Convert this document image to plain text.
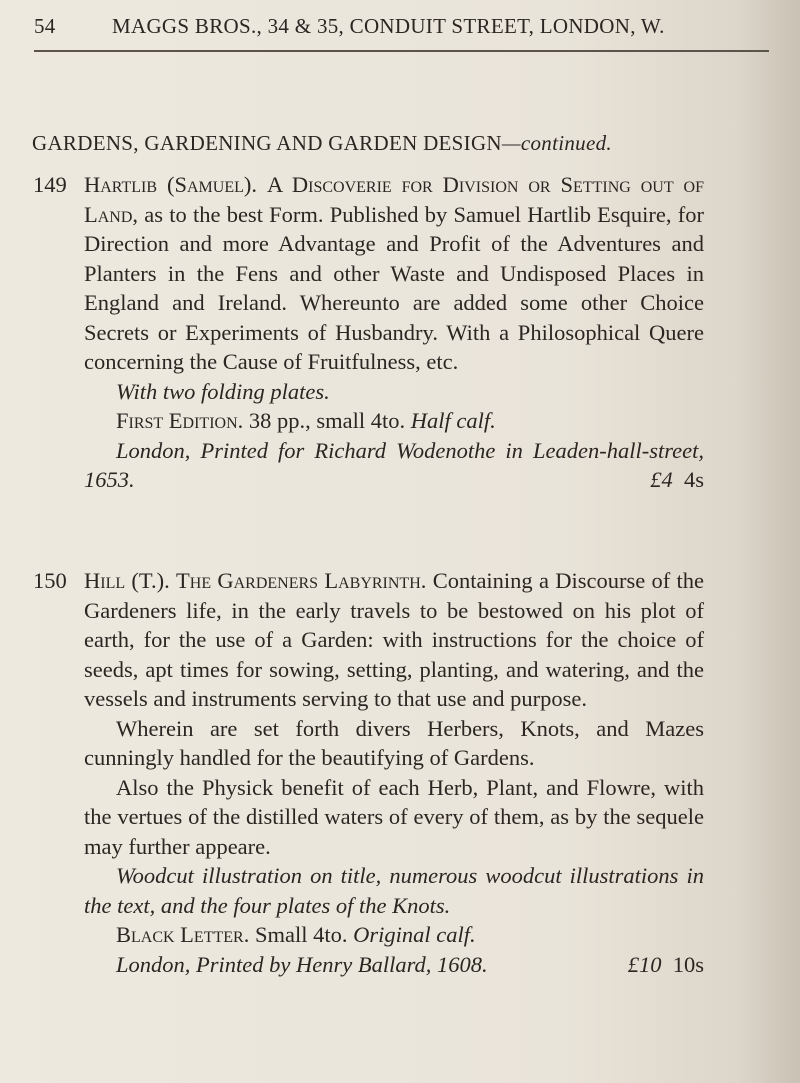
54	MAGGS BROS., 34 & 35, CONDUIT STREET, LONDON, W.
GARDENS, GARDENING AND GARDEN DESIGN—continued.
149 Hartlib (Samuel). A Discoverie for Division or Setting out of Land, as to the best Form. Published by Samuel Hartlib Esquire, for Direction and more Advantage and Profit of the Adventures and Planters in the Fens and other Waste and Undisposed Places in England and Ireland. Whereunto are added some other Choice Secrets or Experiments of Husbandry. With a Philosophical Quere concerning the Cause of Fruitfulness, etc.

With two folding plates.

First Edition. 38 pp., small 4to. Half calf.

London, Printed for Richard Wodenothe in Leaden-hall-street, 1653.	£4 4s

150 Hill (T.). The Gardeners Labyrinth. Containing a Discourse of the Gardeners life, in the early travels to be bestowed on his plot of earth, for the use of a Garden: with instructions for the choice of seeds, apt times for sowing, setting, planting, and watering, and the vessels and instruments serving to that use and purpose.

Wherein are set forth divers Herbers, Knots, and Mazes cunningly handled for the beautifying of Gardens.

Also the Physick benefit of each Herb, Plant, and Flowre, with the vertues of the distilled waters of every of them, as by the sequele may further appeare.

Woodcut illustration on title, numerous woodcut illustrations in the text, and the four plates of the Knots.

Black Letter. Small 4to. Original calf.

London, Printed by Henry Ballard, 1608.	£10 10s
